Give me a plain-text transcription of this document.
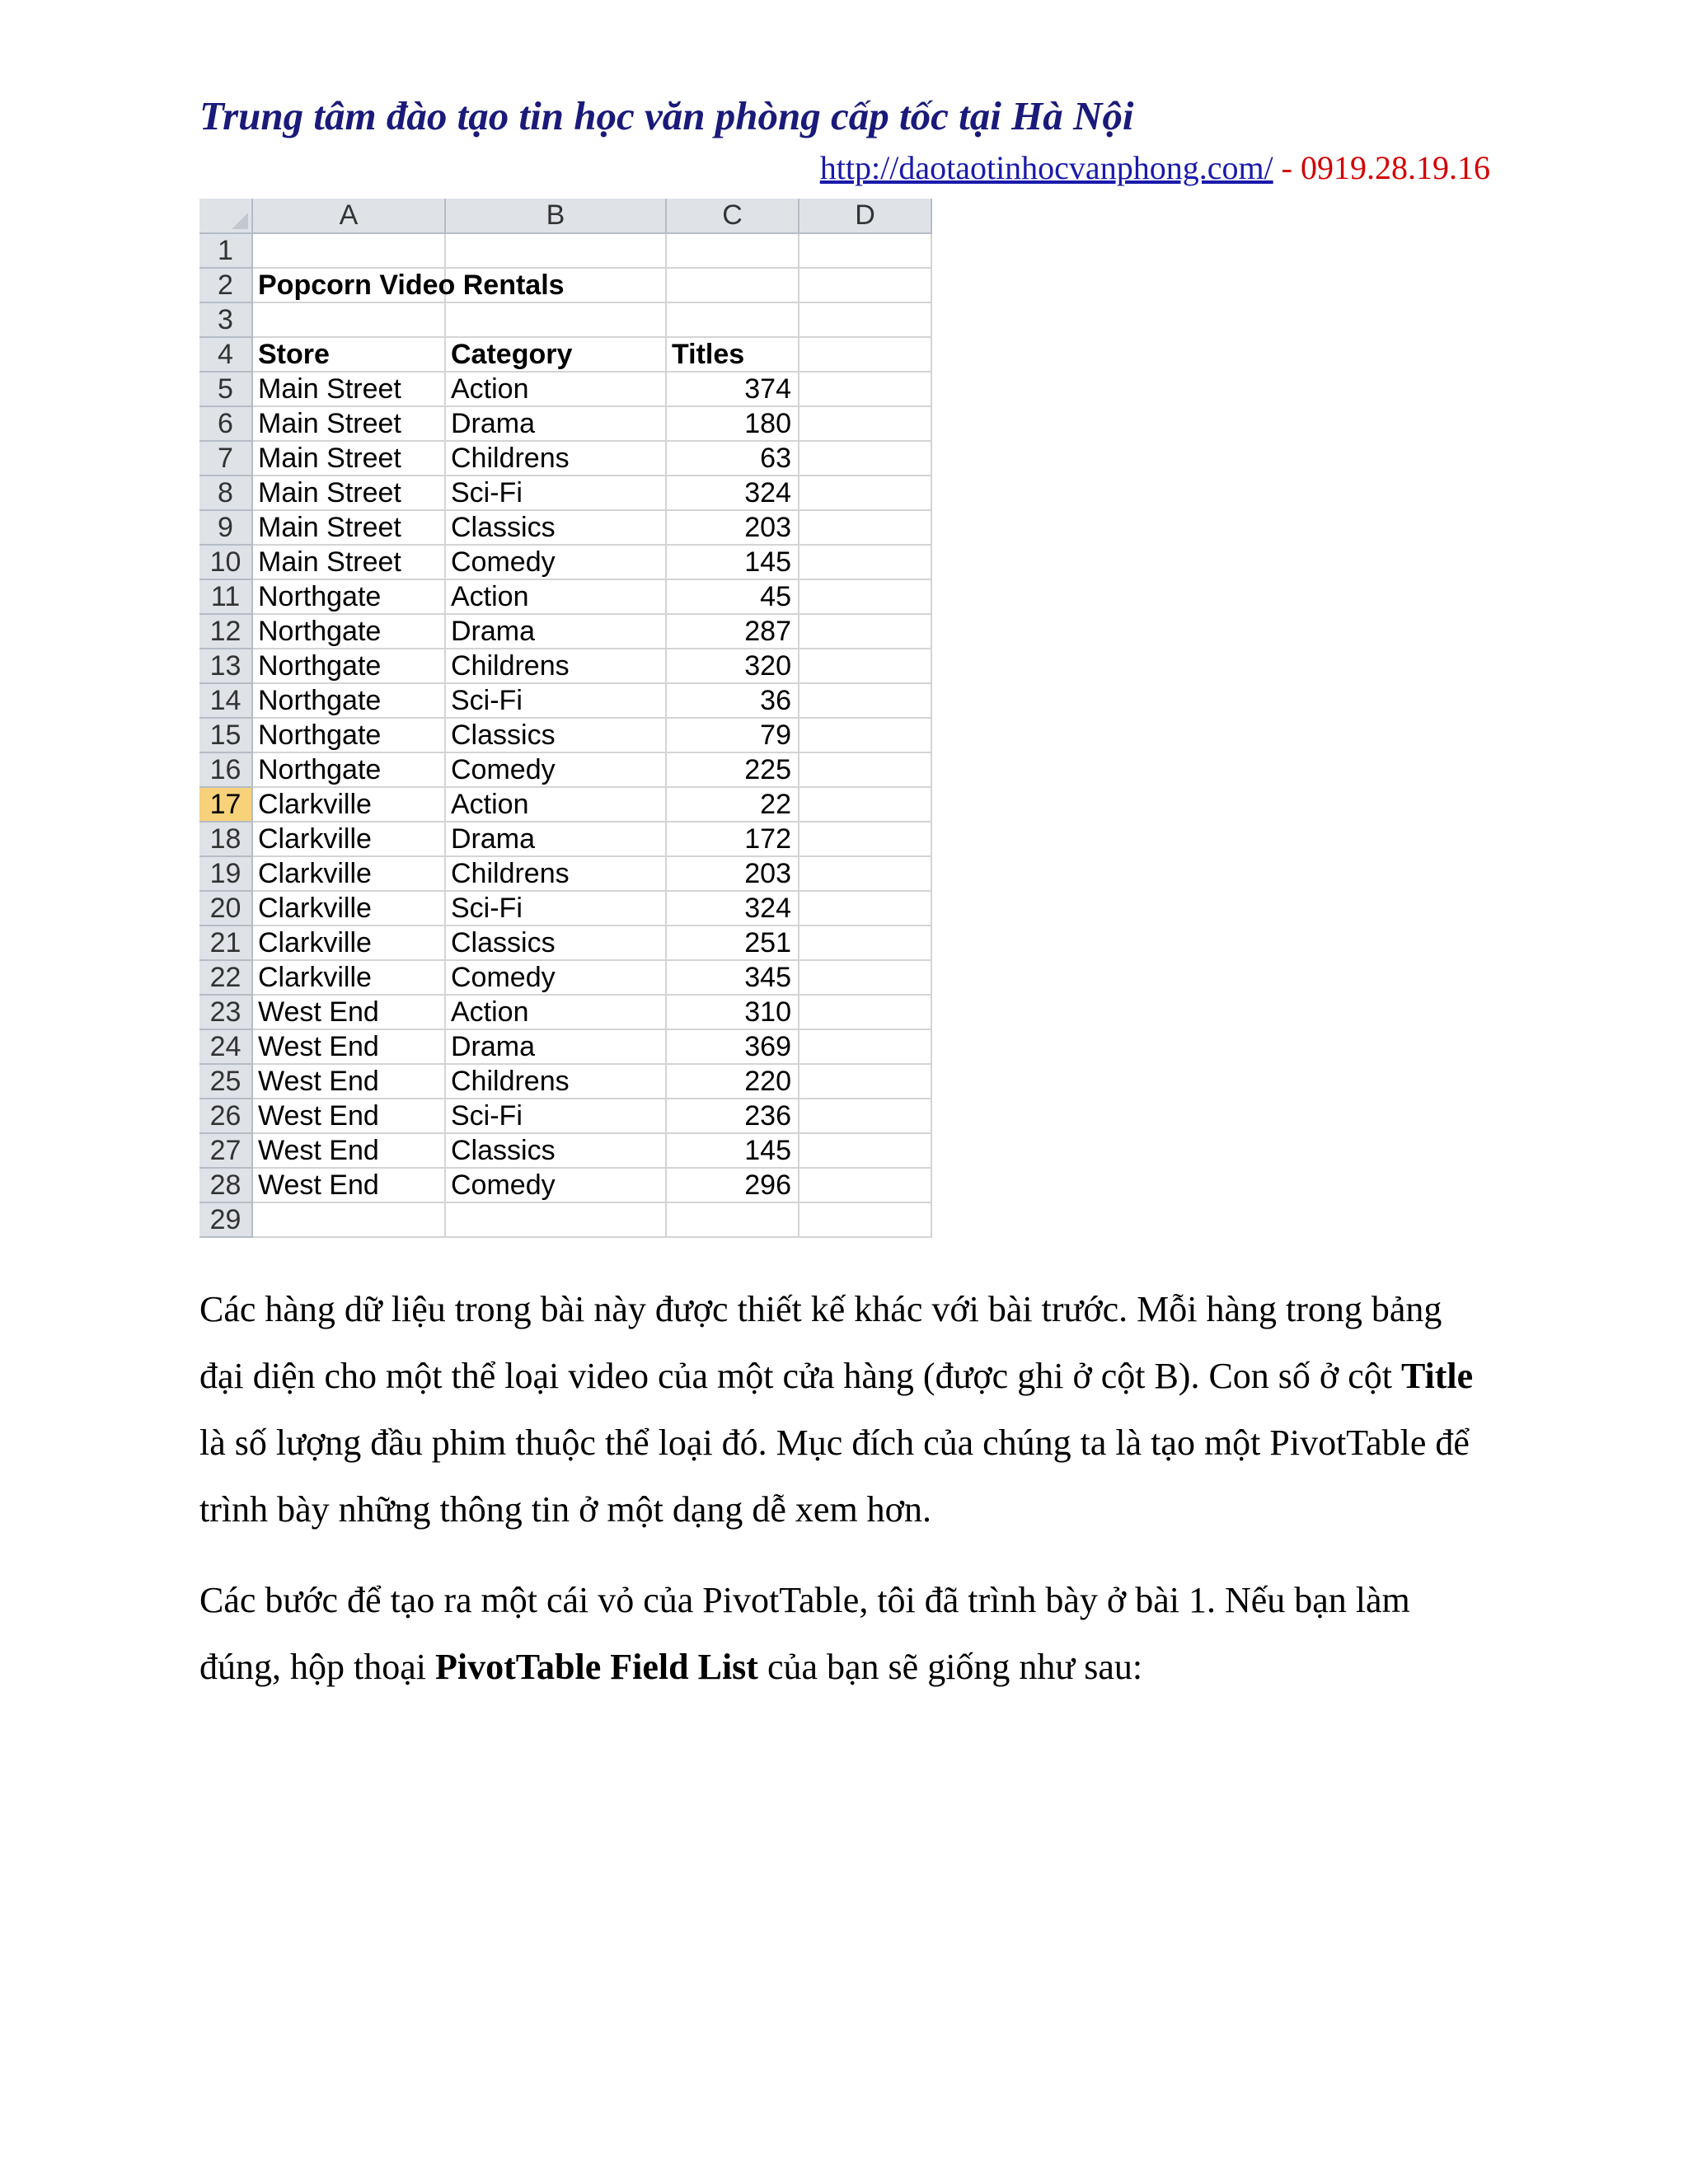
Trung tâm đào tạo tin học văn phòng cấp tốc tại Hà Nội
http://daotaotinhocvanphong.com/ - 0919.28.19.16
	A	B	C	D
1				
2	Popcorn Video Rentals			
3				
4	Store	Category	Titles	
5	Main Street	Action	374	
6	Main Street	Drama	180	
7	Main Street	Childrens	63	
8	Main Street	Sci-Fi	324	
9	Main Street	Classics	203	
10	Main Street	Comedy	145	
11	Northgate	Action	45	
12	Northgate	Drama	287	
13	Northgate	Childrens	320	
14	Northgate	Sci-Fi	36	
15	Northgate	Classics	79	
16	Northgate	Comedy	225	
17	Clarkville	Action	22	
18	Clarkville	Drama	172	
19	Clarkville	Childrens	203	
20	Clarkville	Sci-Fi	324	
21	Clarkville	Classics	251	
22	Clarkville	Comedy	345	
23	West End	Action	310	
24	West End	Drama	369	
25	West End	Childrens	220	
26	West End	Sci-Fi	236	
27	West End	Classics	145	
28	West End	Comedy	296	
29				
Các hàng dữ liệu trong bài này được thiết kế khác với bài trước. Mỗi hàng trong bảng đại diện cho một thể loại video của một cửa hàng (được ghi ở cột B). Con số ở cột Title là số lượng đầu phim thuộc thể loại đó. Mục đích của chúng ta là tạo một PivotTable để trình bày những thông tin ở một dạng dễ xem hơn.
Các bước để tạo ra một cái vỏ của PivotTable, tôi đã trình bày ở bài 1. Nếu bạn làm đúng, hộp thoại PivotTable Field List của bạn sẽ giống như sau:
